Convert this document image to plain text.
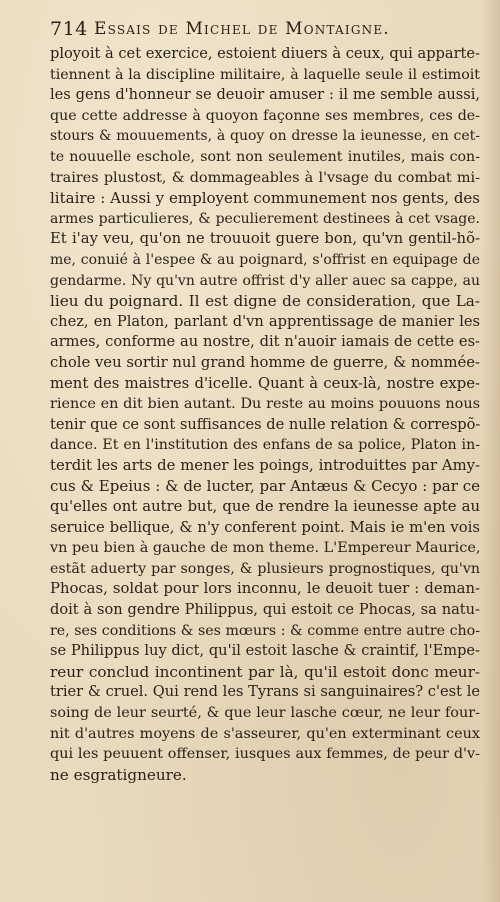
714 Essais de Michel de Montaigne.
ployoit à cet exercice, estoient diuers à ceux, qui apparte-
tiennent à la discipline militaire, à laquelle seule il estimoit
les gens d'honneur se deuoir amuser : il me semble aussi,
que cette addresse à quoyon façonne ses membres, ces de-
stours & mouuements, à quoy on dresse la ieunesse, en cet-
te nouuelle eschole, sont non seulement inutiles, mais con-
traires plustost, & dommageables à l'vsage du combat mi-
litaire : Aussi y employent communement nos gents, des
armes particulieres, & peculierement destinees à cet vsage.
Et i'ay veu, qu'on ne trouuoit guere bon, qu'vn gentil-hõ-
me, conuié à l'espee & au poignard, s'offrist en equipage de
gendarme. Ny qu'vn autre offrist d'y aller auec sa cappe, au
lieu du poignard. Il est digne de consideration, que La-
chez, en Platon, parlant d'vn apprentissage de manier les
armes, conforme au nostre, dit n'auoir iamais de cette es-
chole veu sortir nul grand homme de guerre, & nommée-
ment des maistres d'icelle. Quant à ceux-là, nostre expe-
rience en dit bien autant. Du reste au moins pouuons nous
tenir que ce sont suffisances de nulle relation & correspõ-
dance. Et en l'institution des enfans de sa police, Platon in-
terdit les arts de mener les poings, introduittes par Amy-
cus & Epeius : & de lucter, par Antæus & Cecyo : par ce
qu'elles ont autre but, que de rendre la ieunesse apte au
seruice bellique, & n'y conferent point. Mais ie m'en vois
vn peu bien à gauche de mon theme. L'Empereur Maurice,
estãt aduerty par songes, & plusieurs prognostiques, qu'vn
Phocas, soldat pour lors inconnu, le deuoit tuer : deman-
doit à son gendre Philippus, qui estoit ce Phocas, sa natu-
re, ses conditions & ses mœurs : & comme entre autre cho-
se Philippus luy dict, qu'il estoit lasche & craintif, l'Empe-
reur conclud incontinent par là, qu'il estoit donc meur-
trier & cruel. Qui rend les Tyrans si sanguinaires? c'est le
soing de leur seurté, & que leur lasche cœur, ne leur four-
nit d'autres moyens de s'asseurer, qu'en exterminant ceux
qui les peuuent offenser, iusques aux femmes, de peur d'v-
ne esgratigneure.
